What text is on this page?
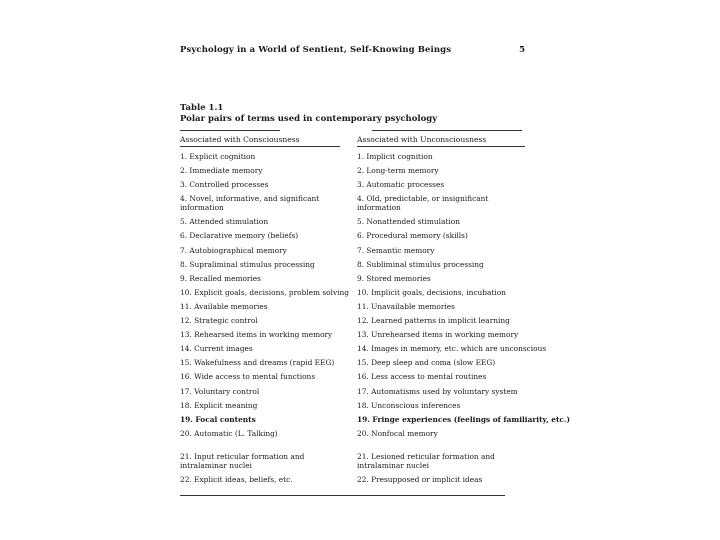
Psychology in a World of Sentient, Self-Knowing Beings	5
Table 1.1
Polar pairs of terms used in contemporary psychology
Associated with Consciousness	Associated with Unconsciousness
1. Explicit cognition
2. Immediate memory
3. Controlled processes
4. Novel, informative, and significant information
5. Attended stimulation
6. Declarative memory (beliefs)
7. Autobiographical memory
8. Supraliminal stimulus processing
9. Recalled memories
10. Explicit goals, decisions, problem solving
11. Available memories
12. Strategic control
13. Rehearsed items in working memory
14. Current images
15. Wakefulness and dreams (rapid EEG)
16. Wide access to mental functions
17. Voluntary control
18. Explicit meaning
19. Focal contents
20. Automatic (L. Talking)
21. Input reticular formation and intralaminar nuclei
22. Explicit ideas, beliefs, etc.
1. Implicit cognition
2. Long-term memory
3. Automatic processes
4. Old, predictable, or insignificant information
5. Nonattended stimulation
6. Procedural memory (skills)
7. Semantic memory
8. Subliminal stimulus processing
9. Stored memories
10. Implicit goals, decisions, incubation
11. Unavailable memories
12. Learned patterns in implicit learning
13. Unrehearsed items in working memory
14. Images in memory, etc. which are unconscious
15. Deep sleep and coma (slow EEG)
16. Less access to mental routines
17. Automatisms used by voluntary system
18. Unconscious inferences
19. Fringe experiences (feelings of familiarity, etc.)
20. Nonfocal memory
21. Lesioned reticular formation and intralaminar nuclei
22. Presupposed or implicit ideas
